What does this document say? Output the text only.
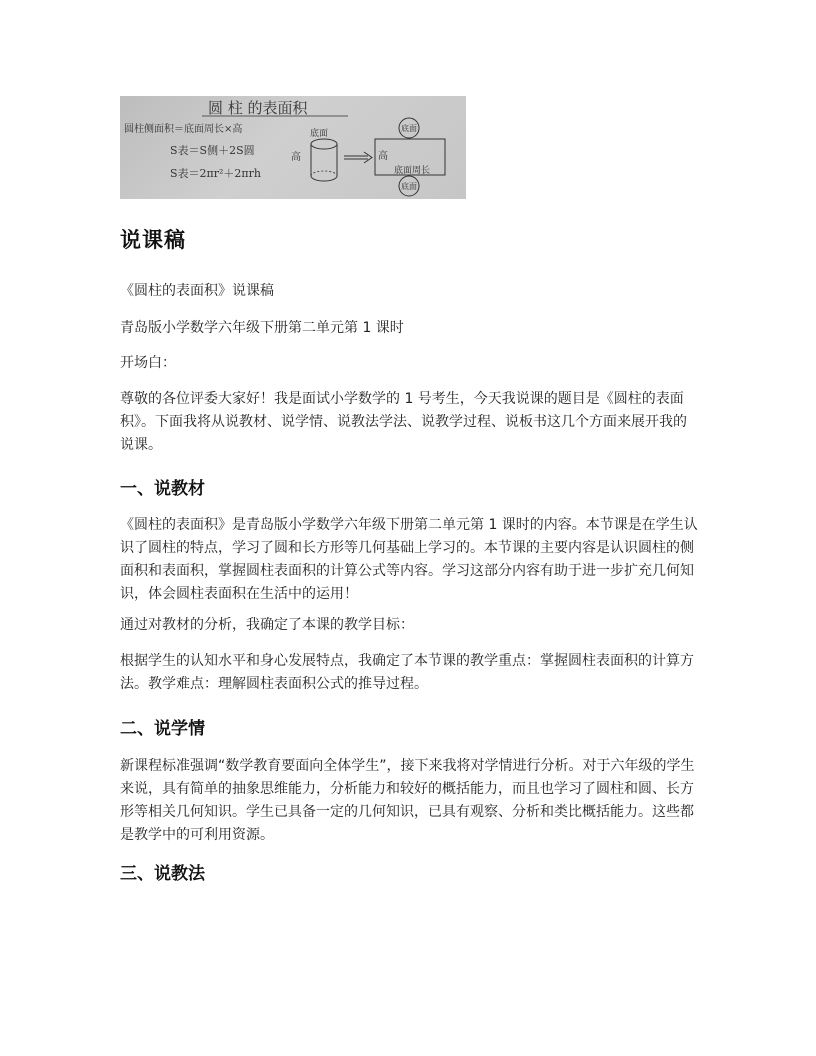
圆 柱 的表面积
圆柱侧面积＝底面周长×高
S表＝S侧＋2S圆
S表＝2πr²＋2πrh
底面
高
底面
高
底面周长
底面
说课稿

《圆柱的表面积》说课稿

青岛版小学数学六年级下册第二单元第 1 课时

开场白：

尊敬的各位评委大家好！我是面试小学数学的 1 号考生，今天我说课的题目是《圆柱的表面积》。下面我将从说教材、说学情、说教法学法、说教学过程、说板书这几个方面来展开我的说课。

一、说教材

《圆柱的表面积》是青岛版小学数学六年级下册第二单元第 1 课时的内容。本节课是在学生认识了圆柱的特点，学习了圆和长方形等几何基础上学习的。本节课的主要内容是认识圆柱的侧面积和表面积，掌握圆柱表面积的计算公式等内容。学习这部分内容有助于进一步扩充几何知识，体会圆柱表面积在生活中的运用！

通过对教材的分析，我确定了本课的教学目标：

根据学生的认知水平和身心发展特点，我确定了本节课的教学重点：掌握圆柱表面积的计算方法。教学难点：理解圆柱表面积公式的推导过程。

二、说学情

新课程标准强调“数学教育要面向全体学生”，接下来我将对学情进行分析。对于六年级的学生来说，具有简单的抽象思维能力，分析能力和较好的概括能力，而且也学习了圆柱和圆、长方形等相关几何知识。学生已具备一定的几何知识，已具有观察、分析和类比概括能力。这些都是教学中的可利用资源。

三、说教法
